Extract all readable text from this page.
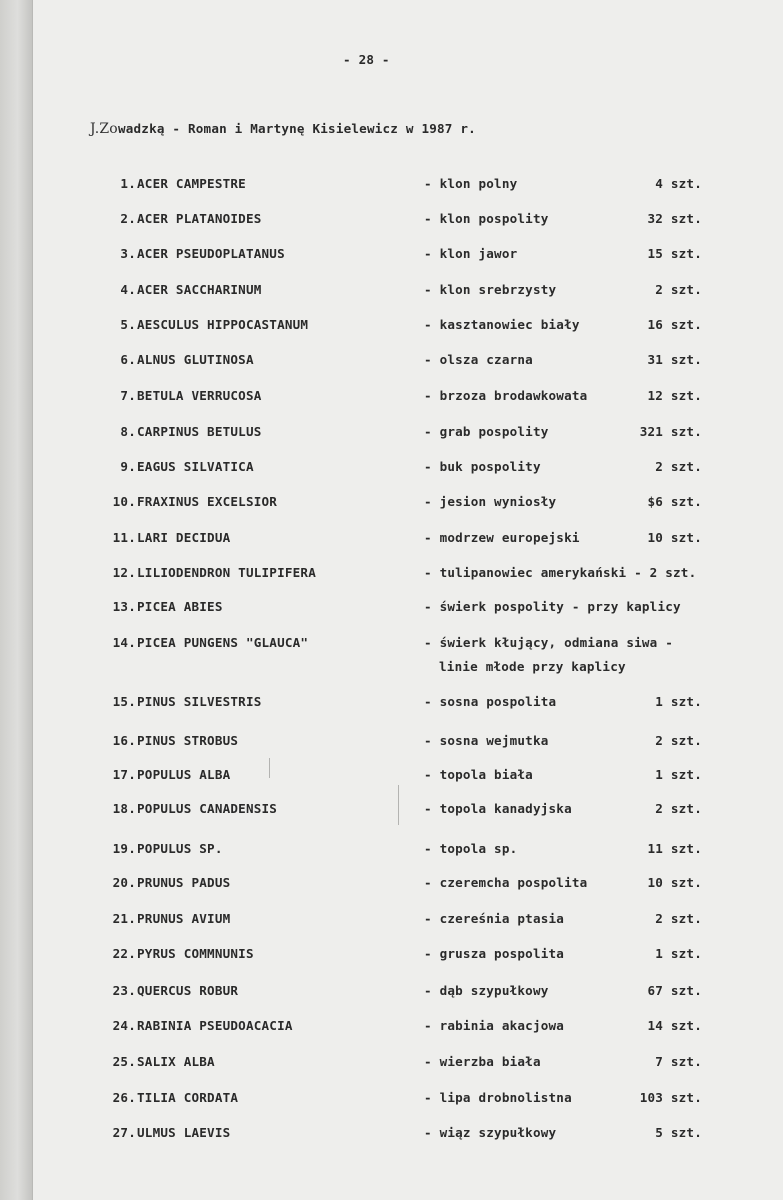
- 28 -
J.Zowadzką - Roman i Martynę Kisielewicz w 1987 r.
1. ACER CAMPESTRE	- klon polny	4 szt.
2. ACER PLATANOIDES	- klon pospolity	32 szt.
3. ACER PSEUDOPLATANUS	- klon jawor	15 szt.
4. ACER SACCHARINUM	- klon srebrzysty	2 szt.
5. AESCULUS HIPPOCASTANUM	- kasztanowiec biały	16 szt.
6. ALNUS GLUTINOSA	- olsza czarna	31 szt.
7. BETULA VERRUCOSA	- brzoza brodawkowata	12 szt.
8. CARPINUS BETULUS	- grab pospolity	321 szt.
9. EAGUS SILVATICA	- buk pospolity	2 szt.
10. FRAXINUS EXCELSIOR	- jesion wyniosły	$6 szt.
11. LARI DECIDUA	- modrzew europejski	10 szt.
12. LILIODENDRON TULIPIFERA	- tulipanowiec amerykański - 2 szt.
13. PICEA ABIES	- świerk pospolity - przy kaplicy
14. PICEA PUNGENS "GLAUCA"	- świerk kłujący, odmiana siwa -
linie młode przy kaplicy
15. PINUS SILVESTRIS	- sosna pospolita	1 szt.
16. PINUS STROBUS	- sosna wejmutka	2 szt.
17. POPULUS ALBA	- topola biała	1 szt.
18. POPULUS CANADENSIS	- topola kanadyjska	2 szt.
19. POPULUS SP.	- topola sp.	11 szt.
20. PRUNUS PADUS	- czeremcha pospolita	10 szt.
21. PRUNUS AVIUM	- czereśnia ptasia	2 szt.
22. PYRUS COMMNUNIS	- grusza pospolita	1 szt.
23. QUERCUS ROBUR	- dąb szypułkowy	67 szt.
24. RABINIA PSEUDOACACIA	- rabinia akacjowa	14 szt.
25. SALIX ALBA	- wierzba biała	7 szt.
26. TILIA CORDATA	- lipa drobnolistna	103 szt.
27. ULMUS LAEVIS	- wiąz szypułkowy	5 szt.
